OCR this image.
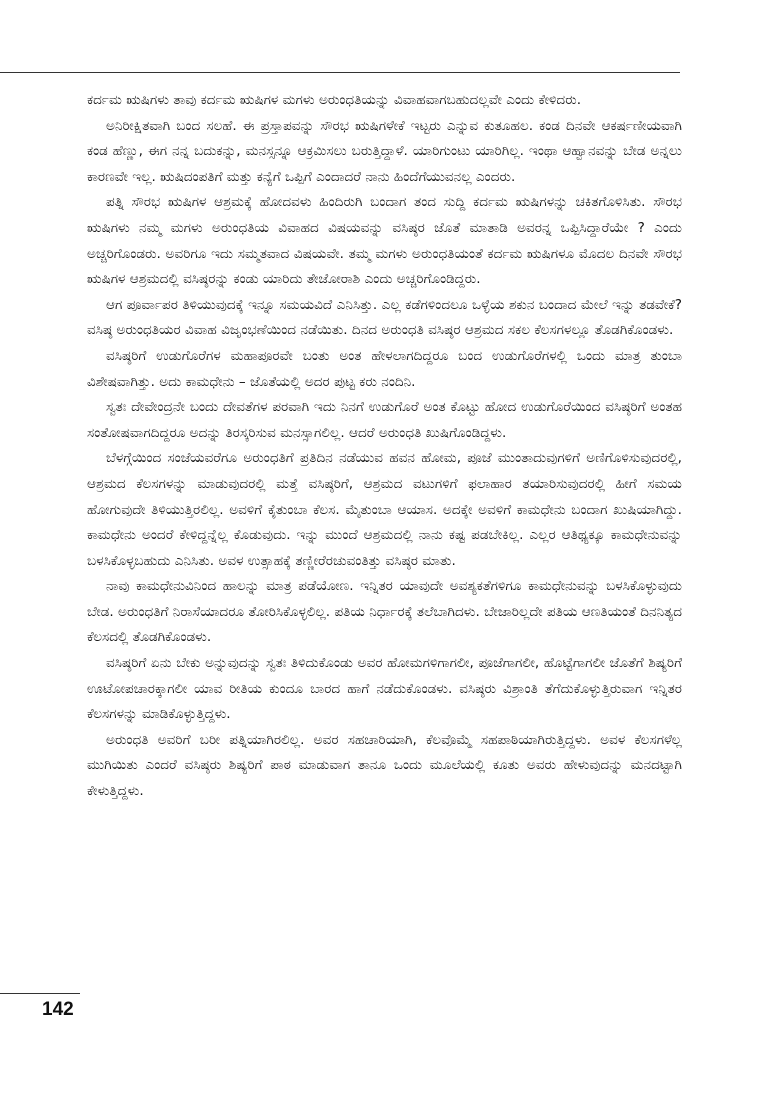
ಕರ್ದಮ ಋಷಿಗಳು ತಾವು ಕರ್ದಮ ಋಷಿಗಳ ಮಗಳು ಅರುಂಧತಿಯನ್ನು ವಿವಾಹವಾಗಬಹುದಲ್ಲವೇ ಎಂದು ಕೇಳಿದರು.

ಅನಿರೀಕ್ಷಿತವಾಗಿ ಬಂದ ಸಲಹೆ. ಈ ಪ್ರಸ್ತಾಪವನ್ನು ಸೌರಭ ಋಷಿಗಳೇಕೆ ಇಟ್ಟರು ಎನ್ನುವ ಕುತೂಹಲ. ಕಂಡ ದಿನವೇ ಆಕರ್ಷಣೀಯವಾಗಿ ಕಂಡ ಹೆಣ್ಣು, ಈಗ ನನ್ನ ಬದುಕನ್ನು, ಮನಸ್ಸನ್ನೂ ಆಕ್ರಮಿಸಲು ಬರುತ್ತಿದ್ದಾಳೆ. ಯಾರಿಗುಂಟು ಯಾರಿಗಿಲ್ಲ. ಇಂಥಾ ಆಹ್ವಾನವನ್ನು ಬೇಡ ಅನ್ನಲು ಕಾರಣವೇ ಇಲ್ಲ. ಋಷಿದಂಪತಿಗೆ ಮತ್ತು ಕನ್ಯೆಗೆ ಒಪ್ಪಿಗೆ ಎಂದಾದರೆ ನಾನು ಹಿಂದೆಗೆಯುವನಲ್ಲ ಎಂದರು.

ಪತ್ನಿ ಸೌರಭ ಋಷಿಗಳ ಆಶ್ರಮಕ್ಕೆ ಹೋದವಳು ಹಿಂದಿರುಗಿ ಬಂದಾಗ ತಂದ ಸುದ್ದಿ ಕರ್ದಮ ಋಷಿಗಳನ್ನು ಚಕಿತಗೊಳಿಸಿತು. ಸೌರಭ ಋಷಿಗಳು ನಮ್ಮ ಮಗಳು ಅರುಂಧತಿಯ ವಿವಾಹದ ವಿಷಯವನ್ನು ವಸಿಷ್ಠರ ಜೊತೆ ಮಾತಾಡಿ ಅವರನ್ನ ಒಪ್ಪಿಸಿದ್ದಾರೆಯೇ ? ಎಂದು ಅಚ್ಚರಿಗೊಂಡರು. ಅವರಿಗೂ ಇದು ಸಮ್ಮತವಾದ ವಿಷಯವೇ. ತಮ್ಮ ಮಗಳು ಅರುಂಧತಿಯಂತೆ ಕರ್ದಮ ಋಷಿಗಳೂ ಮೊದಲ ದಿನವೇ ಸೌರಭ ಋಷಿಗಳ ಆಶ್ರಮದಲ್ಲಿ ವಸಿಷ್ಠರನ್ನು ಕಂಡು ಯಾರಿದು ತೇಜೋರಾಶಿ ಎಂದು ಅಚ್ಚರಿಗೊಂಡಿದ್ದರು.

ಆಗ ಪೂರ್ವಾಪರ ತಿಳಿಯುವುದಕ್ಕೆ ಇನ್ನೂ ಸಮಯವಿದೆ ಎನಿಸಿತ್ತು. ಎಲ್ಲ ಕಡೆಗಳಿಂದಲೂ ಒಳ್ಳೆಯ ಶಕುನ ಬಂದಾದ ಮೇಲೆ ಇನ್ನು ತಡವೇಕೆ? ವಸಿಷ್ಠ ಅರುಂಧತಿಯರ ವಿವಾಹ ವಿಜೃಂಭಣೆಯಿಂದ ನಡೆಯಿತು. ದಿನದ ಅರುಂಧತಿ ವಸಿಷ್ಠರ ಆಶ್ರಮದ ಸಕಲ ಕೆಲಸಗಳಲ್ಲೂ ತೊಡಗಿಕೊಂಡಳು.

ವಸಿಷ್ಠರಿಗೆ ಉಡುಗೊರೆಗಳ ಮಹಾಪೂರವೇ ಬಂತು ಅಂತ ಹೇಳಲಾಗದಿದ್ದರೂ ಬಂದ ಉಡುಗೊರೆಗಳಲ್ಲಿ ಒಂದು ಮಾತ್ರ ತುಂಬಾ ವಿಶೇಷವಾಗಿತ್ತು. ಅದು ಕಾಮಧೇನು – ಜೊತೆಯಲ್ಲಿ ಅದರ ಪುಟ್ಟ ಕರು ನಂದಿನಿ.

ಸ್ವತಃ ದೇವೇಂದ್ರನೇ ಬಂದು ದೇವತೆಗಳ ಪರವಾಗಿ ಇದು ನಿನಗೆ ಉಡುಗೊರೆ ಅಂತ ಕೊಟ್ಟು ಹೋದ ಉಡುಗೊರೆಯಿಂದ ವಸಿಷ್ಠರಿಗೆ ಅಂತಹ ಸಂತೋಷವಾಗದಿದ್ದರೂ ಅದನ್ನು ತಿರಸ್ಕರಿಸುವ ಮನಸ್ಸಾಗಲಿಲ್ಲ. ಆದರೆ ಅರುಂಧತಿ ಖುಷಿಗೊಂಡಿದ್ದಳು.

ಬೆಳಗ್ಗೆಯಿಂದ ಸಂಜೆಯವರೆಗೂ ಅರುಂಧತಿಗೆ ಪ್ರತಿದಿನ ನಡೆಯುವ ಹವನ ಹೋಮ, ಪೂಜೆ ಮುಂತಾದುವುಗಳಿಗೆ ಅಣಿಗೊಳಿಸುವುದರಲ್ಲಿ, ಆಶ್ರಮದ ಕೆಲಸಗಳನ್ನು ಮಾಡುವುದರಲ್ಲಿ ಮತ್ತೆ ವಸಿಷ್ಠರಿಗೆ, ಆಶ್ರಮದ ವಟುಗಳಿಗೆ ಫಲಾಹಾರ ತಯಾರಿಸುವುದರಲ್ಲಿ ಹೀಗೆ ಸಮಯ ಹೋಗುವುದೇ ತಿಳಿಯುತ್ತಿರಲಿಲ್ಲ. ಅವಳಿಗೆ ಕೈತುಂಬಾ ಕೆಲಸ. ಮೈತುಂಬಾ ಆಯಾಸ. ಅದಕ್ಕೇ ಅವಳಿಗೆ ಕಾಮಧೇನು ಬಂದಾಗ ಖುಷಿಯಾಗಿದ್ದು. ಕಾಮಧೇನು ಅಂದರೆ ಕೇಳಿದ್ದನ್ನೆಲ್ಲ ಕೊಡುವುದು. ಇನ್ನು ಮುಂದೆ ಆಶ್ರಮದಲ್ಲಿ ನಾನು ಕಷ್ಟ ಪಡಬೇಕಿಲ್ಲ. ಎಲ್ಲರ ಆತಿಥ್ಯಕ್ಕೂ ಕಾಮಧೇನುವನ್ನು ಬಳಸಿಕೊಳ್ಳಬಹುದು ಎನಿಸಿತು. ಅವಳ ಉತ್ಸಾಹಕ್ಕೆ ತಣ್ಣೀರೆರಚುವಂತಿತ್ತು ವಸಿಷ್ಠರ ಮಾತು.

ನಾವು ಕಾಮಧೇನುವಿನಿಂದ ಹಾಲನ್ನು ಮಾತ್ರ ಪಡೆಯೋಣ. ಇನ್ನಿತರ ಯಾವುದೇ ಅವಶ್ಯಕತೆಗಳಿಗೂ ಕಾಮಧೇನುವನ್ನು ಬಳಸಿಕೊಳ್ಳುವುದು ಬೇಡ. ಅರುಂಧತಿಗೆ ನಿರಾಸೆಯಾದರೂ ತೋರಿಸಿಕೊಳ್ಳಲಿಲ್ಲ. ಪತಿಯ ನಿರ್ಧಾರಕ್ಕೆ ತಲೆಬಾಗಿದಳು. ಬೇಜಾರಿಲ್ಲದೇ ಪತಿಯ ಆಣತಿಯಂತೆ ದಿನನಿತ್ಯದ ಕೆಲಸದಲ್ಲಿ ತೊಡಗಿಕೊಂಡಳು.

ವಸಿಷ್ಠರಿಗೆ ಏನು ಬೇಕು ಅನ್ನುವುದನ್ನು ಸ್ವತಃ ತಿಳಿದುಕೊಂಡು ಅವರ ಹೋಮಗಳಿಗಾಗಲೀ, ಪೂಜೆಗಾಗಲೀ, ಹೊಟ್ಟೆಗಾಗಲೀ ಜೊತೆಗೆ ಶಿಷ್ಯರಿಗೆ ಊಟೋಪಚಾರಕ್ಕಾಗಲೀ ಯಾವ ರೀತಿಯ ಕುಂದೂ ಬಾರದ ಹಾಗೆ ನಡೆದುಕೊಂಡಳು. ವಸಿಷ್ಠರು ವಿಶ್ರಾಂತಿ ತೆಗೆದುಕೊಳ್ಳುತ್ತಿರುವಾಗ ಇನ್ನಿತರ ಕೆಲಸಗಳನ್ನು ಮಾಡಿಕೊಳ್ಳುತ್ತಿದ್ದಳು.

ಅರುಂಧತಿ ಅವರಿಗೆ ಬರೀ ಪತ್ನಿಯಾಗಿರಲಿಲ್ಲ. ಅವರ ಸಹಚಾರಿಯಾಗಿ, ಕೆಲವೊಮ್ಮೆ ಸಹಪಾಠಿಯಾಗಿರುತ್ತಿದ್ದಳು. ಅವಳ ಕೆಲಸಗಳೆಲ್ಲ ಮುಗಿಯಿತು ಎಂದರೆ ವಸಿಷ್ಠರು ಶಿಷ್ಯರಿಗೆ ಪಾಠ ಮಾಡುವಾಗ ತಾನೂ ಒಂದು ಮೂಲೆಯಲ್ಲಿ ಕೂತು ಅವರು ಹೇಳುವುದನ್ನು ಮನದಟ್ಟಾಗಿ ಕೇಳುತ್ತಿದ್ದಳು.

142
